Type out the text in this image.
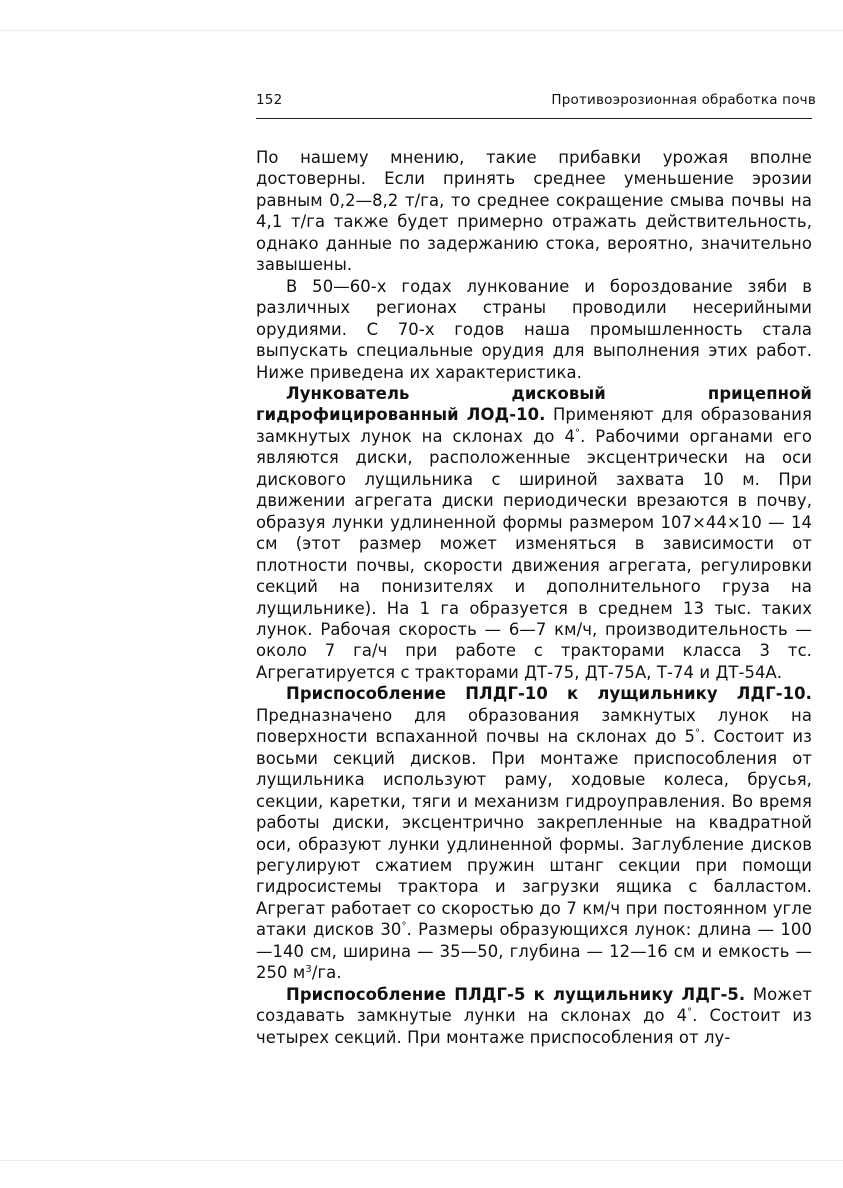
152	Противоэрозионная обработка почв

По нашему мнению, такие прибавки урожая вполне достоверны. Если принять среднее уменьшение эрозии равным 0,2—8,2 т/га, то среднее сокращение смыва почвы на 4,1 т/га также будет примерно отражать действительность, однако данные по задержанию стока, вероятно, значительно завышены.

В 50—60-х годах лункование и бороздование зяби в различных регионах страны проводили несерийными орудиями. С 70-х годов наша промышленность стала выпускать специальные орудия для выполнения этих работ. Ниже приведена их характеристика.

Лункователь дисковый прицепной гидрофицированный ЛОД-10. Применяют для образования замкнутых лунок на склонах до 4°. Рабочими органами его являются диски, расположенные эксцентрически на оси дискового лущильника с шириной захвата 10 м. При движении агрегата диски периодически врезаются в почву, образуя лунки удлиненной формы размером 107×44×10 — 14 см (этот размер может изменяться в зависимости от плотности почвы, скорости движения агрегата, регулировки секций на понизителях и дополнительного груза на лущильнике). На 1 га образуется в среднем 13 тыс. таких лунок. Рабочая скорость — 6—7 км/ч, производительность — около 7 га/ч при работе с тракторами класса 3 тс. Агрегатируется с тракторами ДТ-75, ДТ-75А, Т-74 и ДТ-54А.

Приспособление ПЛДГ-10 к лущильнику ЛДГ-10. Предназначено для образования замкнутых лунок на поверхности вспаханной почвы на склонах до 5°. Состоит из восьми секций дисков. При монтаже приспособления от лущильника используют раму, ходовые колеса, брусья, секции, каретки, тяги и механизм гидроуправления. Во время работы диски, эксцентрично закрепленные на квадратной оси, образуют лунки удлиненной формы. Заглубление дисков регулируют сжатием пружин штанг секции при помощи гидросистемы трактора и загрузки ящика с балластом. Агрегат работает со скоростью до 7 км/ч при постоянном угле атаки дисков 30°. Размеры образующихся лунок: длина — 100—140 см, ширина — 35—50, глубина — 12—16 см и емкость — 250 $м^3/га$.

Приспособление ПЛДГ-5 к лущильнику ЛДГ-5. Может создавать замкнутые лунки на склонах до 4°. Состоит из четырех секций. При монтаже приспособления от лу-
